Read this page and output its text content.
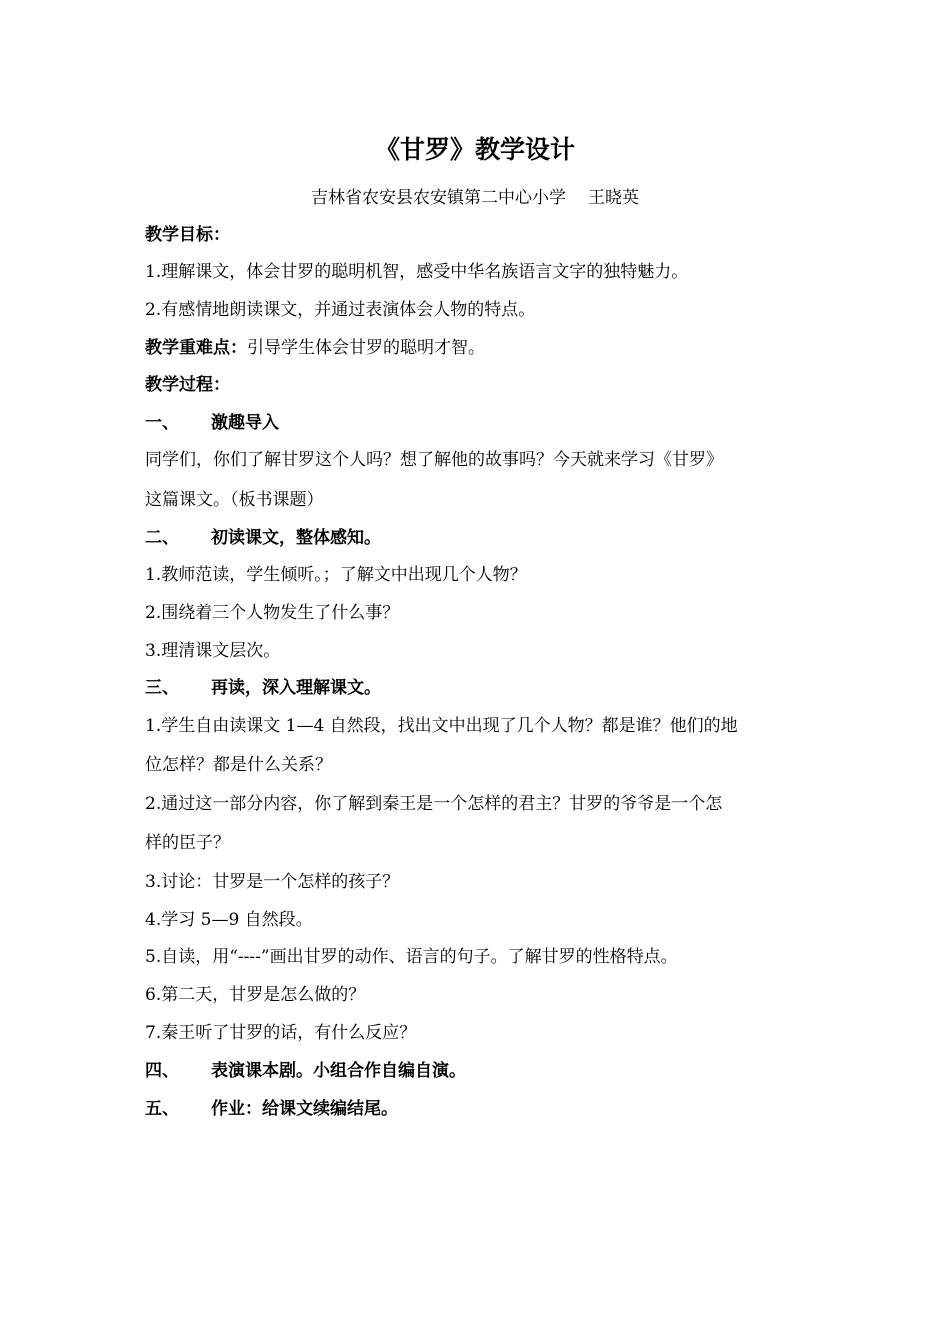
《甘罗》教学设计
吉林省农安县农安镇第二中心小学 王晓英
教学目标：
1.理解课文，体会甘罗的聪明机智，感受中华名族语言文字的独特魅力。
2.有感情地朗读课文，并通过表演体会人物的特点。
教学重难点：引导学生体会甘罗的聪明才智。
教学过程：
一、 激趣导入
同学们，你们了解甘罗这个人吗？想了解他的故事吗？今天就来学习《甘罗》
这篇课文。（板书课题）
二、 初读课文，整体感知。
1.教师范读，学生倾听。；了解文中出现几个人物？
2.围绕着三个人物发生了什么事？
3.理清课文层次。
三、 再读，深入理解课文。
1.学生自由读课文 1—4 自然段，找出文中出现了几个人物？都是谁？他们的地
位怎样？都是什么关系？
2.通过这一部分内容，你了解到秦王是一个怎样的君主？甘罗的爷爷是一个怎
样的臣子？
3.讨论：甘罗是一个怎样的孩子？
4.学习 5—9 自然段。
5.自读，用“----”画出甘罗的动作、语言的句子。了解甘罗的性格特点。
6.第二天，甘罗是怎么做的？
7.秦王听了甘罗的话，有什么反应？
四、 表演课本剧。小组合作自编自演。
五、 作业：给课文续编结尾。
